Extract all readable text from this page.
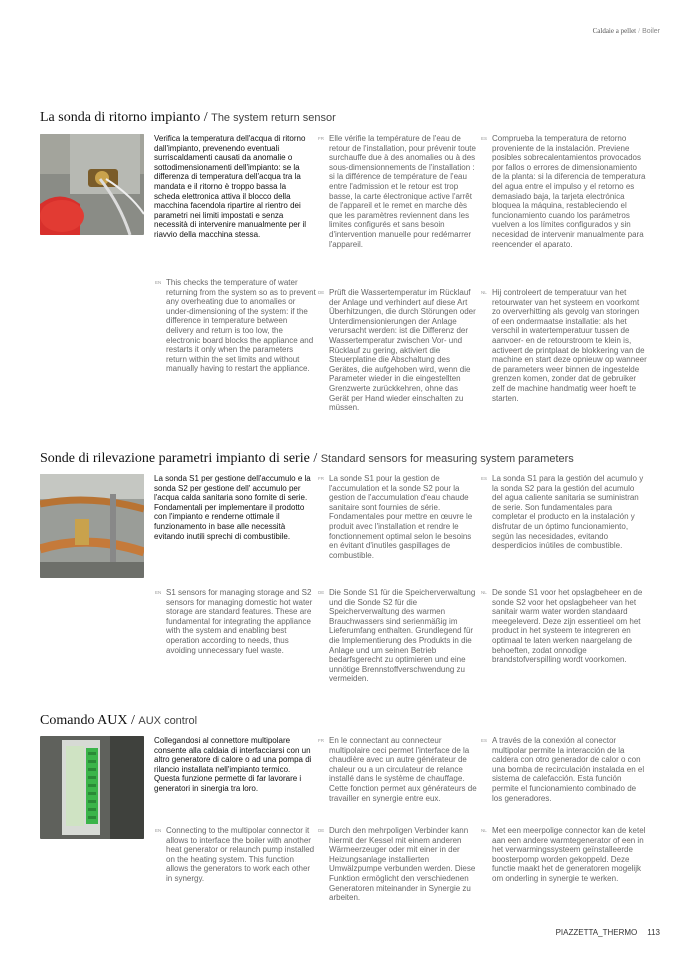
Caldaie a pellet / Boiler
La sonda di ritorno impianto / The system return sensor
Verifica la temperatura dell'acqua di ritorno dall'impianto, prevenendo eventuali surriscaldamenti causati da anomalie o sottodimensionamenti dell'impianto: se la differenza di temperatura dell'acqua tra la mandata e il ritorno è troppo bassa la scheda elettronica attiva il blocco della macchina facendola ripartire al rientro dei parametri nei limiti impostati e senza necessità di intervenire manualmente per il riavvio della macchina stessa.
EN This checks the temperature of water returning from the system so as to prevent any overheating due to anomalies or under-dimensioning of the system: if the difference in temperature between delivery and return is too low, the electronic board blocks the appliance and restarts it only when the parameters return within the set limits and without manually having to restart the appliance.
FR Elle vérifie la température de l'eau de retour de l'installation, pour prévenir toute surchauffe due à des anomalies ou à des sous-dimensionnements de l'installation : si la différence de température de l'eau entre l'admission et le retour est trop basse, la carte électronique active l'arrêt de l'appareil et le remet en marche dès que les paramètres reviennent dans les limites configurés et sans besoin d'intervention manuelle pour redémarrer l'appareil.
DE Prüft die Wassertemperatur im Rücklauf der Anlage und verhindert auf diese Art Überhitzungen, die durch Störungen oder Unterdimensionierungen der Anlage verursacht werden: ist die Differenz der Wassertemperatur zwischen Vor- und Rücklauf zu gering, aktiviert die Steuerplatine die Abschaltung des Gerätes, die aufgehoben wird, wenn die Parameter wieder in die eingestellten Grenzwerte zurückkehren, ohne das Gerät per Hand wieder einschalten zu müssen.
ES Comprueba la temperatura de retorno proveniente de la instalación. Previene posibles sobrecalentamientos provocados por fallos o errores de dimensionamiento de la planta: si la diferencia de temperatura del agua entre el impulso y el retorno es demasiado baja, la tarjeta electrónica bloquea la máquina, restableciendo el funcionamiento cuando los parámetros vuelven a los límites configurados y sin necesidad de intervenir manualmente para reencender el aparato.
NL Hij controleert de temperatuur van het retourwater van het systeem en voorkomt zo oververhitting als gevolg van storingen of een ondermaatse installatie: als het verschil in watertemperatuur tussen de aanvoer- en de retourstroom te klein is, activeert de printplaat de blokkering van de machine en start deze opnieuw op wanneer de parameters weer binnen de ingestelde grenzen komen, zonder dat de gebruiker zelf de machine handmatig weer hoeft te starten.
Sonde di rilevazione parametri impianto di serie / Standard sensors for measuring system parameters
La sonda S1 per gestione dell'accumulo e la sonda S2 per gestione dell' accumulo per l'acqua calda sanitaria sono fornite di serie. Fondamentali per implementare il prodotto con l'impianto e renderne ottimale il funzionamento in base alle necessità evitando inutili sprechi di combustibile.
EN S1 sensors for managing storage and S2 sensors for managing domestic hot water storage are standard features. These are fundamental for integrating the appliance with the system and enabling best operation according to needs, thus avoiding unnecessary fuel waste.
FR La sonde S1 pour la gestion de l'accumulation et la sonde S2 pour la gestion de l'accumulation d'eau chaude sanitaire sont fournies de série. Fondamentales pour mettre en œuvre le produit avec l'installation et rendre le fonctionnement optimal selon le besoins en évitant d'inutiles gaspillages de combustible.
DE Die Sonde S1 für die Speicherverwaltung und die Sonde S2 für die Speicherverwaltung des warmen Brauchwassers sind serienmäßig im Lieferumfang enthalten. Grundlegend für die Implementierung des Produkts in die Anlage und um seinen Betrieb bedarfsgerecht zu optimieren und eine unnötige Brennstoffverschwendung zu vermeiden.
ES La sonda S1 para la gestión del acumulo y la sonda S2 para la gestión del acumulo del agua caliente sanitaria se suministran de serie. Son fundamentales para completar el producto en la instalación y disfrutar de un óptimo funcionamiento, según las necesidades, evitando desperdicios inútiles de combustible.
NL De sonde S1 voor het opslagbeheer en de sonde S2 voor het opslagbeheer van het sanitair warm water worden standaard meegeleverd. Deze zijn essentieel om het product in het systeem te integreren en optimaal te laten werken naargelang de behoeften, zodat onnodige brandstofverspilling wordt voorkomen.
Comando AUX / AUX control
Collegandosi al connettore multipolare consente alla caldaia di interfacciarsi con un altro generatore di calore o ad una pompa di rilancio installata nell'impianto termico. Questa funzione permette di far lavorare i generatori in sinergia tra loro.
EN Connecting to the multipolar connector it allows to interface the boiler with another heat generator or relaunch pump installed on the heating system. This function allows the generators to work each other in synergy.
FR En le connectant au connecteur multipolaire ceci permet l'interface de la chaudière avec un autre générateur de chaleur ou a un circulateur de relance installé dans le système de chauffage. Cette fonction permet aux générateurs de travailler en synergie entre eux.
DE Durch den mehrpoligen Verbinder kann hiermit der Kessel mit einem anderen Wärmeerzeuger oder mit einer in der Heizungsanlage installierten Umwälzpumpe verbunden werden. Diese Funktion ermöglicht den verschiedenen Generatoren miteinander in Synergie zu arbeiten.
ES A través de la conexión al conector multipolar permite la interacción de la caldera con otro generador de calor o con una bomba de recirculación instalada en el sistema de calefacción. Esta función permite el funcionamiento combinado de los generadores.
NL Met een meerpolige connector kan de ketel aan een andere warmtegenerator of een in het verwarmingssysteem geïnstalleerde boosterpomp worden gekoppeld. Deze functie maakt het de generatoren mogelijk om onderling in synergie te werken.
PIAZZETTA_THERMO 113
